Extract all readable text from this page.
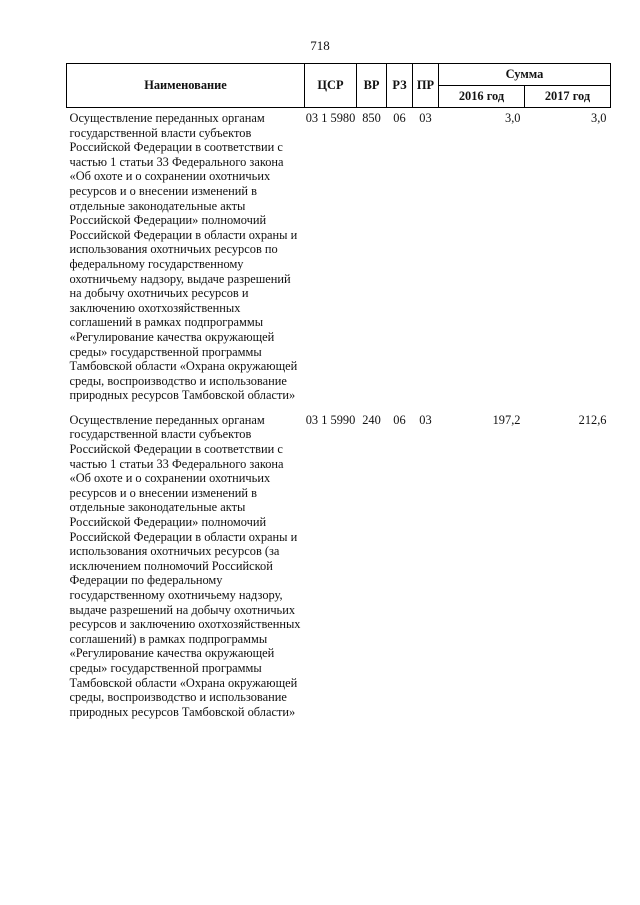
718
Наименование	ЦСР	ВР	РЗ	ПР	Сумма	
					2016 год	2017 год
Осуществление переданных органам государственной власти субъектов Российской Федерации в соответствии с частью 1 статьи 33 Федерального закона «Об охоте и о сохранении охотничьих ресурсов и о внесении изменений в отдельные законодательные акты Российской Федерации» полномочий Российской Федерации в области охраны и использования охотничьих ресурсов по федеральному государственному охотничьему надзору, выдаче разрешений на добычу охотничьих ресурсов и заключению охотхозяйственных соглашений в рамках подпрограммы «Регулирование качества окружающей среды» государственной программы Тамбовской области «Охрана окружающей среды, воспроизводство и использование природных ресурсов Тамбовской области»	03 1 5980	850	06	03	3,0	3,0

Осуществление переданных органам государственной власти субъектов Российской Федерации в соответствии с частью 1 статьи 33 Федерального закона «Об охоте и о сохранении охотничьих ресурсов и о внесении изменений в отдельные законодательные акты Российской Федерации» полномочий Российской Федерации в области охраны и использования охотничьих ресурсов (за исключением полномочий Российской Федерации по федеральному государственному охотничьему надзору, выдаче разрешений на добычу охотничьих ресурсов и заключению охотхозяйственных соглашений) в рамках подпрограммы «Регулирование качества окружающей среды» государственной программы Тамбовской области «Охрана окружающей среды, воспроизводство и использование природных ресурсов Тамбовской области»	03 1 5990	240	06	03	197,2	212,6
